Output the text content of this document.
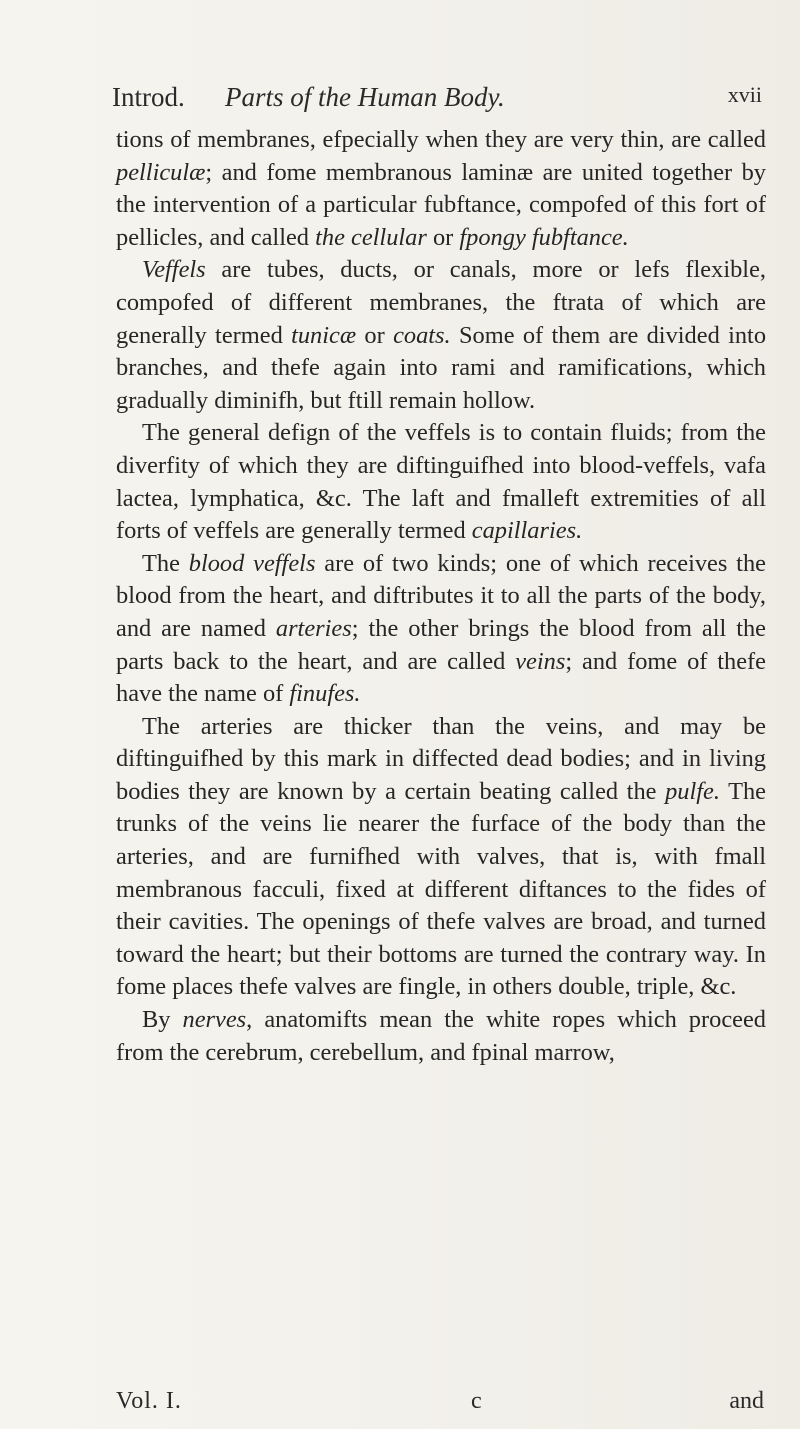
Introd. Parts of the Human Body.	xvii

tions of membranes, efpecially when they are very thin, are called pelliculæ; and fome membranous laminæ are united together by the intervention of a particular fubftance, compofed of this fort of pellicles, and called the cellular or fpongy fubftance.

Veffels are tubes, ducts, or canals, more or lefs flexible, compofed of different membranes, the ftrata of which are generally termed tunicæ or coats. Some of them are divided into branches, and thefe again into rami and ramifications, which gradually diminifh, but ftill remain hollow.

The general defign of the veffels is to contain fluids; from the diverfity of which they are diftinguifhed into blood-veffels, vafa lactea, lymphatica, &c. The laft and fmalleft extremities of all forts of veffels are generally termed capillaries.

The blood veffels are of two kinds; one of which receives the blood from the heart, and diftributes it to all the parts of the body, and are named arteries; the other brings the blood from all the parts back to the heart, and are called veins; and fome of thefe have the name of finufes.

The arteries are thicker than the veins, and may be diftinguifhed by this mark in diffected dead bodies; and in living bodies they are known by a certain beating called the pulfe. The trunks of the veins lie nearer the furface of the body than the arteries, and are furnifhed with valves, that is, with fmall membranous facculi, fixed at different diftances to the fides of their cavities. The openings of thefe valves are broad, and turned toward the heart; but their bottoms are turned the contrary way. In fome places thefe valves are fingle, in others double, triple, &c.

By nerves, anatomifts mean the white ropes which proceed from the cerebrum, cerebellum, and fpinal marrow,

Vol. I.	c	and
